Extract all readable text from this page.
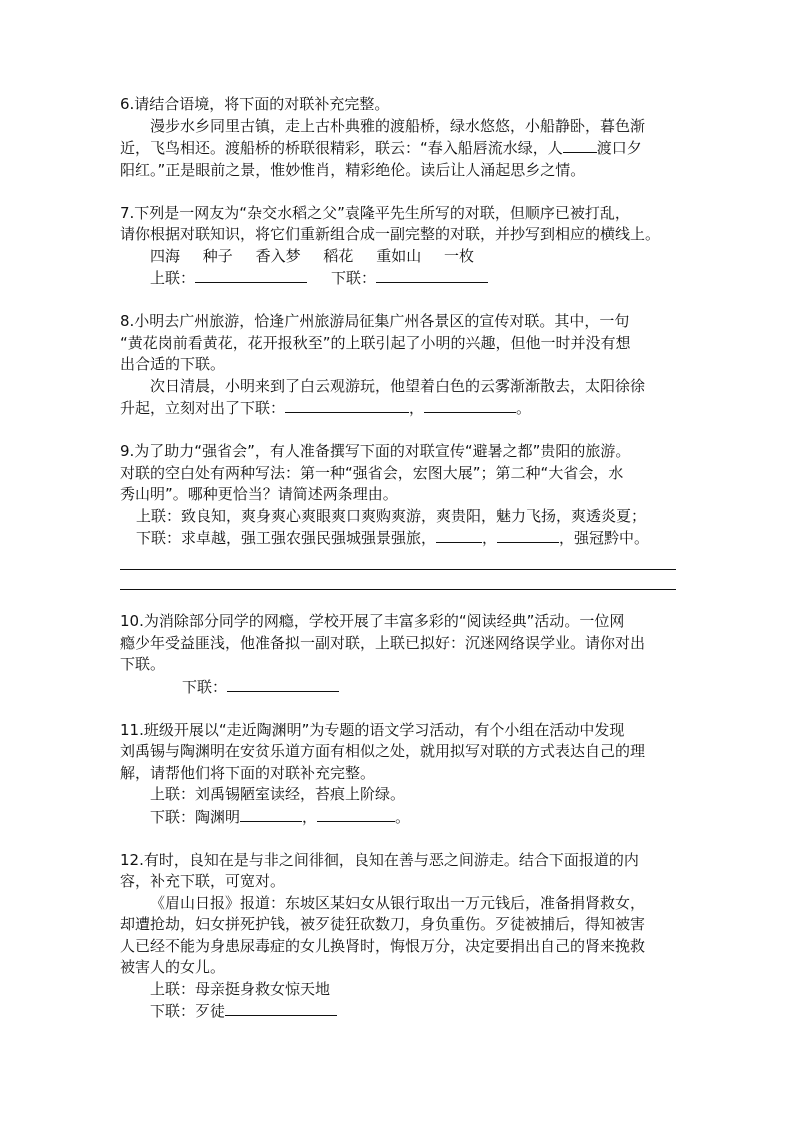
6.请结合语境，将下面的对联补充完整。
漫步水乡同里古镇，走上古朴典雅的渡船桥，绿水悠悠，小船静卧，暮色渐
近，飞鸟相还。渡船桥的桥联很精彩，联云：“春入船唇流水绿，人 渡口夕
阳红。”正是眼前之景，惟妙惟肖，精彩绝伦。读后让人涌起思乡之情。
7.下列是一网友为“杂交水稻之父”袁隆平先生所写的对联，但顺序已被打乱，
请你根据对联知识，将它们重新组合成一副完整的对联，并抄写到相应的横线上。
四海 种子 香入梦 稻花 重如山 一枚
上联：	下联：
8.小明去广州旅游，恰逢广州旅游局征集广州各景区的宣传对联。其中，一句
“黄花岗前看黄花，花开报秋至”的上联引起了小明的兴趣，但他一时并没有想
出合适的下联。
次日清晨，小明来到了白云观游玩，他望着白色的云雾渐渐散去，太阳徐徐
升起，立刻对出了下联：	，	。
9.为了助力“强省会”，有人准备撰写下面的对联宣传“避暑之都”贵阳的旅游。
对联的空白处有两种写法：第一种“强省会，宏图大展”；第二种“大省会，水
秀山明”。哪种更恰当？请简述两条理由。
上联：致良知，爽身爽心爽眼爽口爽购爽游，爽贵阳，魅力飞扬，爽透炎夏；
下联：求卓越，强工强农强民强城强景强旅，	，	，强冠黔中。
10.为消除部分同学的网瘾，学校开展了丰富多彩的“阅读经典”活动。一位网
瘾少年受益匪浅，他准备拟一副对联，上联已拟好：沉迷网络误学业。请你对出
下联。
下联：
11.班级开展以“走近陶渊明”为专题的语文学习活动，有个小组在活动中发现
刘禹锡与陶渊明在安贫乐道方面有相似之处，就用拟写对联的方式表达自己的理
解，请帮他们将下面的对联补充完整。
上联：刘禹锡陋室读经，苔痕上阶绿。
下联：陶渊明	，	。
12.有时，良知在是与非之间徘徊，良知在善与恶之间游走。结合下面报道的内
容，补充下联，可宽对。
《眉山日报》报道：东坡区某妇女从银行取出一万元钱后，准备捐肾救女，
却遭抢劫，妇女拼死护钱，被歹徒狂砍数刀，身负重伤。歹徒被捕后，得知被害
人已经不能为身患尿毒症的女儿换肾时，悔恨万分，决定要捐出自己的肾来挽救
被害人的女儿。
上联：母亲挺身救女惊天地
下联：歹徒
